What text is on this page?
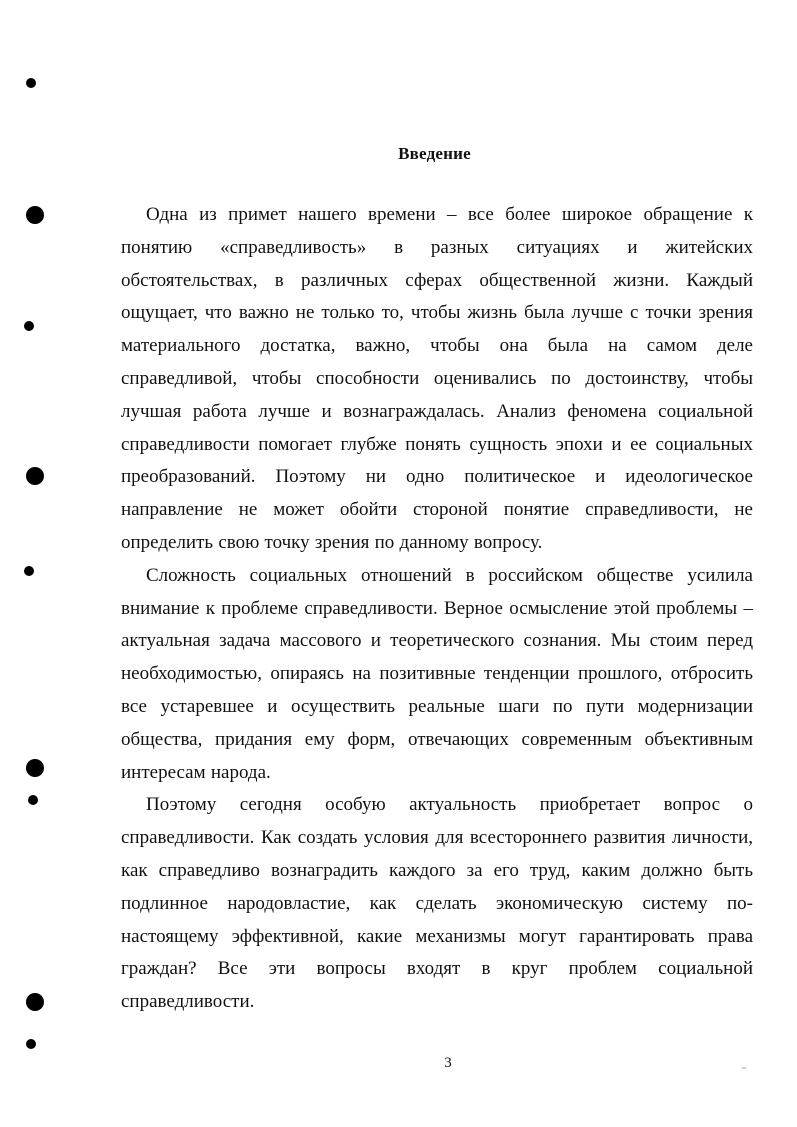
Введение

Одна из примет нашего времени – все более широкое обращение к понятию «справедливость» в разных ситуациях и житейских обстоятельствах, в различных сферах общественной жизни. Каждый ощущает, что важно не только то, чтобы жизнь была лучше с точки зрения материального достатка, важно, чтобы она была на самом деле справедливой, чтобы способности оценивались по достоинству, чтобы лучшая работа лучше и вознаграждалась. Анализ феномена социальной справедливости помогает глубже понять сущность эпохи и ее социальных преобразований. Поэтому ни одно политическое и идеологическое направление не может обойти стороной понятие справедливости, не определить свою точку зрения по данному вопросу.

Сложность социальных отношений в российском обществе усилила внимание к проблеме справедливости. Верное осмысление этой проблемы – актуальная задача массового и теоретического сознания. Мы стоим перед необходимостью, опираясь на позитивные тенденции прошлого, отбросить все устаревшее и осуществить реальные шаги по пути модернизации общества, придания ему форм, отвечающих современным объективным интересам народа.

Поэтому сегодня особую актуальность приобретает вопрос о справедливости. Как создать условия для всестороннего развития личности, как справедливо вознаградить каждого за его труд, каким должно быть подлинное народовластие, как сделать экономическую систему по-настоящему эффективной, какие механизмы могут гарантировать права граждан? Все эти вопросы входят в круг проблем социальной справедливости.

3
